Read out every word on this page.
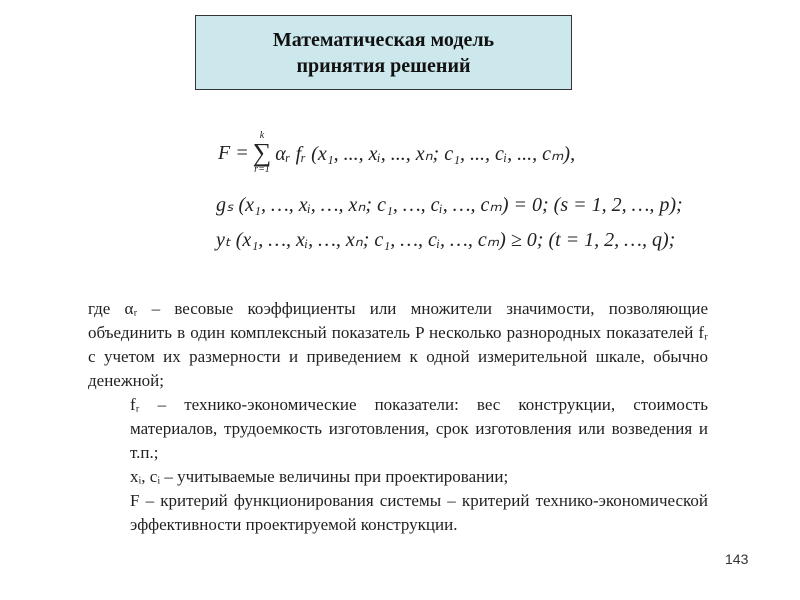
Математическая модель
принятия решений
F =
k
∑
r=1
αᵣ fᵣ (x₁, ..., xᵢ, ..., xₙ; c₁, ..., cᵢ, ..., cₘ),
gₛ (x₁, …, xᵢ, …, xₙ; c₁, …, cᵢ, …, cₘ) = 0; (s = 1, 2, …, p);
yₜ (x₁, …, xᵢ, …, xₙ; c₁, …, cᵢ, …, cₘ) ≥ 0; (t = 1, 2, …, q);

где αᵣ – весовые коэффициенты или множители значимости, позволяющие объединить в один комплексный показатель P несколько разнородных показателей fᵣ с учетом их размерности и приведением к одной измерительной шкале, обычно денежной;

fᵣ – технико-экономические показатели: вес конструкции, стоимость материалов, трудоемкость изготовления, срок изготовления или возведения и т.п.;

xᵢ, cᵢ – учитываемые величины при проектировании;

F – критерий функционирования системы – критерий технико-экономической эффективности проектируемой конструкции.

143
